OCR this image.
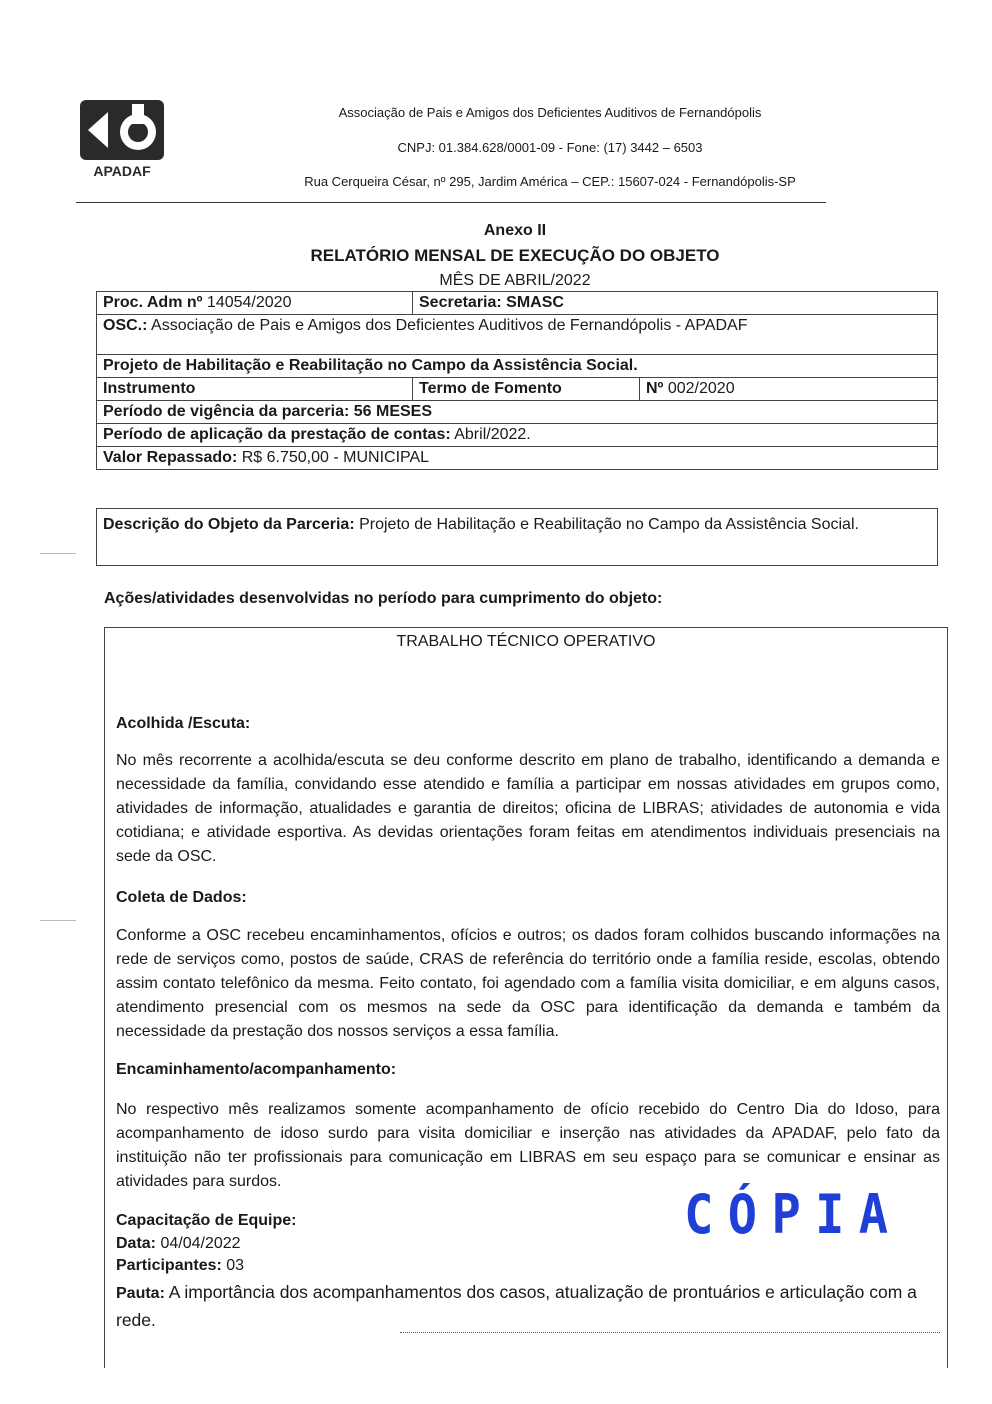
APADAF
Associação de Pais e Amigos dos Deficientes Auditivos de Fernandópolis
CNPJ: 01.384.628/0001-09 - Fone: (17) 3442 – 6503
Rua Cerqueira César, nº 295, Jardim América – CEP.: 15607-024 - Fernandópolis-SP
Anexo II
RELATÓRIO MENSAL DE EXECUÇÃO DO OBJETO
MÊS DE ABRIL/2022
Proc. Adm nº 14054/2020	Secretaria: SMASC	
OSC.: Associação de Pais e Amigos dos Deficientes Auditivos de Fernandópolis - APADAF		
Projeto de Habilitação e Reabilitação no Campo da Assistência Social.		
Instrumento	Termo de Fomento	Nº 002/2020
Período de vigência da parceria: 56 MESES		
Período de aplicação da prestação de contas: Abril/2022.		
Valor Repassado: R$ 6.750,00 - MUNICIPAL		
Descrição do Objeto da Parceria: Projeto de Habilitação e Reabilitação no Campo da Assistência Social.
Ações/atividades desenvolvidas no período para cumprimento do objeto:
TRABALHO TÉCNICO OPERATIVO
Acolhida /Escuta:
No mês recorrente a acolhida/escuta se deu conforme descrito em plano de trabalho, identificando a demanda e necessidade da família, convidando esse atendido e família a participar em nossas atividades em grupos como, atividades de informação, atualidades e garantia de direitos; oficina de LIBRAS; atividades de autonomia e vida cotidiana; e atividade esportiva. As devidas orientações foram feitas em atendimentos individuais presenciais na sede da OSC.
Coleta de Dados:
Conforme a OSC recebeu encaminhamentos, ofícios e outros; os dados foram colhidos buscando informações na rede de serviços como, postos de saúde, CRAS de referência do território onde a família reside, escolas, obtendo assim contato telefônico da mesma. Feito contato, foi agendado com a família visita domiciliar, e em alguns casos, atendimento presencial com os mesmos na sede da OSC para identificação da demanda e também da necessidade da prestação dos nossos serviços a essa família.
Encaminhamento/acompanhamento:
No respectivo mês realizamos somente acompanhamento de ofício recebido do Centro Dia do Idoso, para acompanhamento de idoso surdo para visita domiciliar e inserção nas atividades da APADAF, pelo fato da instituição não ter profissionais para comunicação em LIBRAS em seu espaço para se comunicar e ensinar as atividades para surdos.
Capacitação de Equipe:
Data: 04/04/2022
Participantes: 03
Pauta: A importância dos acompanhamentos dos casos, atualização de prontuários e articulação com a rede.
CÓPIA
